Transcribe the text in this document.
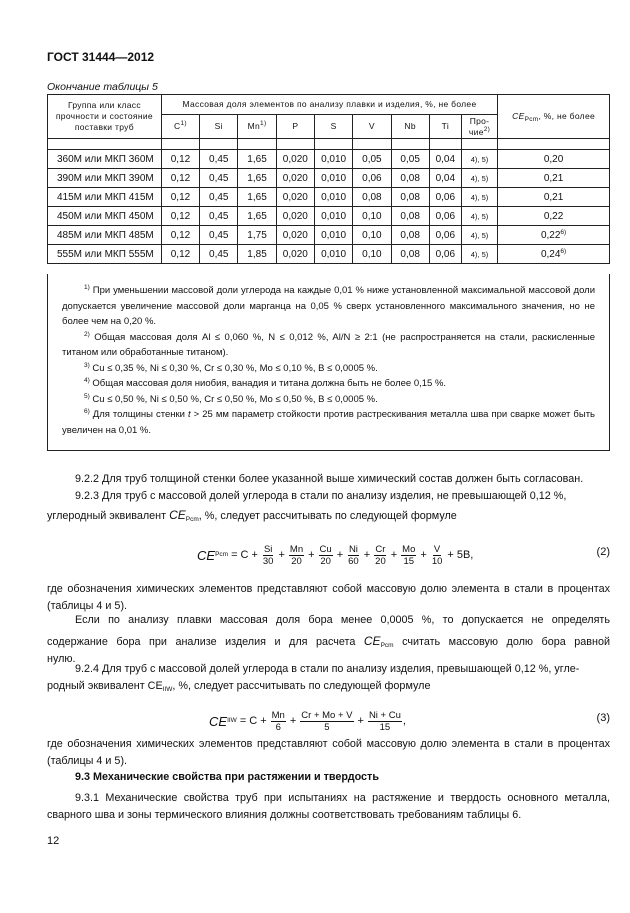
ГОСТ 31444—2012
Окончание таблицы 5
Группа или класс прочности и состояние поставки труб	Массовая доля элементов по анализу плавки и изделия, %, не более									$CE_{Pcm}$, %, не более
	$C^{1)}$	Si	Mn$^{1)}$	P	S	V	Nb	Ti	Про-чие$^{2)}$

360M или МКП 360M	0,12	0,45	1,65	0,020	0,010	0,05	0,05	0,04	4), 5)	0,20
390M или МКП 390M	0,12	0,45	1,65	0,020	0,010	0,06	0,08	0,04	4), 5)	0,21
415M или МКП 415M	0,12	0,45	1,65	0,020	0,010	0,08	0,08	0,06	4), 5)	0,21
450M или МКП 450M	0,12	0,45	1,65	0,020	0,010	0,10	0,08	0,06	4), 5)	0,22
485M или МКП 485M	0,12	0,45	1,75	0,020	0,010	0,10	0,08	0,06	4), 5)	0,22$^{6)}$
555M или МКП 555M	0,12	0,45	1,85	0,020	0,010	0,10	0,08	0,06	4), 5)	0,24$^{6)}$

$^{1)}$ При уменьшении массовой доли углерода на каждые 0,01 % ниже установленной максимальной массовой доли допускается увеличение массовой доли марганца на 0,05 % сверх установленного максимального значения, но не более чем на 0,20 %.

$^{2)}$ Общая массовая доля Al ≤ 0,060 %, N ≤ 0,012 %, Al/N ≥ 2:1 (не распространяется на стали, раскисленные титаном или обработанные титаном).

$^{3)}$ Cu ≤ 0,35 %, Ni ≤ 0,30 %, Cr ≤ 0,30 %, Mo ≤ 0,10 %, B ≤ 0,0005 %.

$^{4)}$ Общая массовая доля ниобия, ванадия и титана должна быть не более 0,15 %.

$^{5)}$ Cu ≤ 0,50 %, Ni ≤ 0,50 %, Cr ≤ 0,50 %, Mo ≤ 0,50 %, B ≤ 0,0005 %.

$^{6)}$ Для толщины стенки t > 25 мм параметр стойкости против растрескивания металла шва при сварке может быть увеличен на 0,01 %.

9.2.2 Для труб толщиной стенки более указанной выше химический состав должен быть согласован.

9.2.3 Для труб с массовой долей углерода в стали по анализу изделия, не превышающей 0,12 %,

углеродный эквивалент $CE_{Pcm}$, %, следует рассчитывать по следующей формуле

CE Pcm = $C + \frac{Si}{30} + \frac{Mn}{20} + \frac{Cu}{20} + \frac{Ni}{60} + \frac{Cr}{20} + \frac{Mo}{15} + \frac{V}{10} + 5B$,	(2)

где обозначения химических элементов представляют собой массовую долю элемента в стали в процентах (таблицы 4 и 5).

Если по анализу плавки массовая доля бора менее 0,0005 %, то допускается не определять

содержание бора при анализе изделия и для расчета $CE_{Pcm}$ считать массовую долю бора равной

нулю.

9.2.4 Для труб с массовой долей углерода в стали по анализу изделия, превышающей 0,12 %, угле-

родный эквивалент $CE_{IIW}$, %, следует рассчитывать по следующей формуле

CE IIW = $C + \frac{Mn}{6} + \frac{Cr + Mo + V}{5} + \frac{Ni + Cu}{15}$ ,	(3)

где обозначения химических элементов представляют собой массовую долю элемента в стали в процентах (таблицы 4 и 5).

9.3 Механические свойства при растяжении и твердость

9.3.1 Механические свойства труб при испытаниях на растяжение и твердость основного металла, сварного шва и зоны термического влияния должны соответствовать требованиям таблицы 6.

12
